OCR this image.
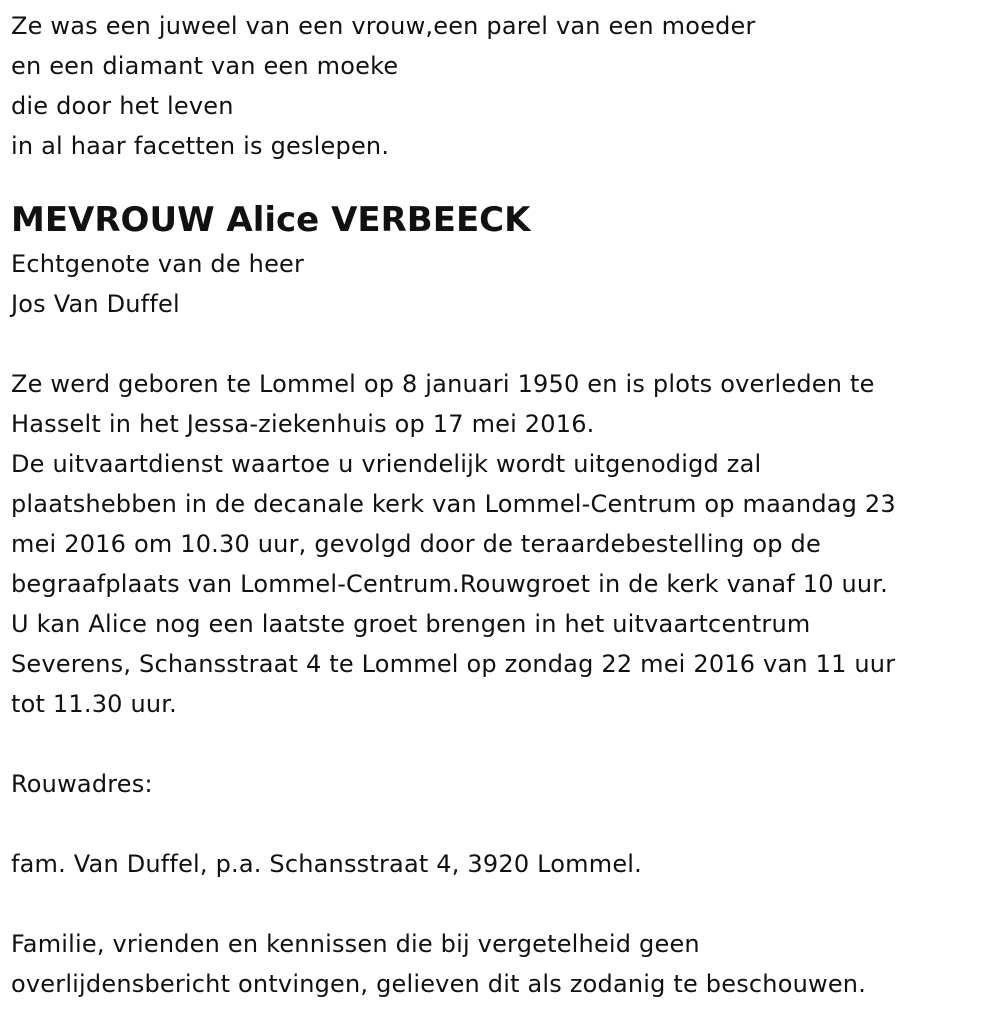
Ze was een juweel van een vrouw,een parel van een moeder
en een diamant van een moeke
die door het leven
in al haar facetten is geslepen.
MEVROUW Alice VERBEECK
Echtgenote van de heer
Jos Van Duffel
Ze werd geboren te Lommel op 8 januari 1950 en is plots overleden te
Hasselt in het Jessa-ziekenhuis op 17 mei 2016.
De uitvaartdienst waartoe u vriendelijk wordt uitgenodigd zal
plaatshebben in de decanale kerk van Lommel-Centrum op maandag 23
mei 2016 om 10.30 uur, gevolgd door de teraardebestelling op de
begraafplaats van Lommel-Centrum.Rouwgroet in de kerk vanaf 10 uur.
U kan Alice nog een laatste groet brengen in het uitvaartcentrum
Severens, Schansstraat 4 te Lommel op zondag 22 mei 2016 van 11 uur
tot 11.30 uur.
Rouwadres:
fam. Van Duffel, p.a. Schansstraat 4, 3920 Lommel.
Familie, vrienden en kennissen die bij vergetelheid geen
overlijdensbericht ontvingen, gelieven dit als zodanig te beschouwen.
